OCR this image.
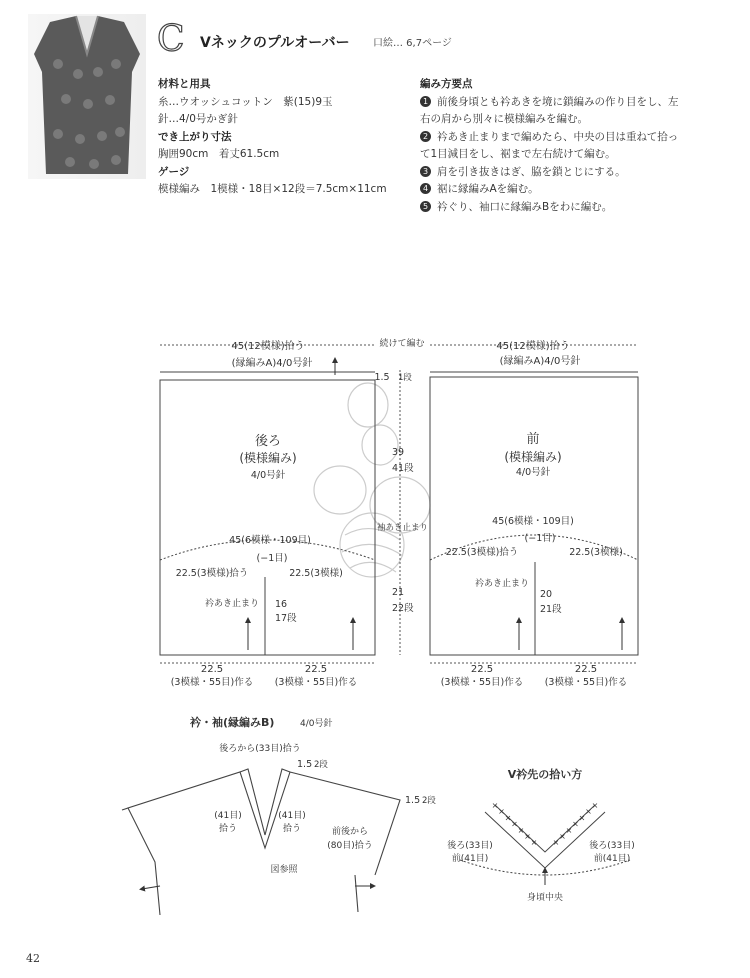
C Vネックのプルオーバー 口絵… 6,7ページ
材料と用具
糸…ウオッシュコットン　紫(15)9玉
針…4/0号かぎ針
でき上がり寸法
胸囲90cm　着丈61.5cm
ゲージ
模様編み　1模様・18目×12段＝7.5cm×11cm
編み方要点
1 前後身頃とも衿あきを境に鎖編みの作り目をし、左
右の肩から別々に模様編みを編む。
2 衿あき止まりまで編めたら、中央の目は重ねて拾っ
て1目減目をし、裾まで左右続けて編む。
3 肩を引き抜きはぎ、脇を鎖とじにする。
4 裾に縁編みAを編む。
5 衿ぐり、袖口に縁編みBをわに編む。
45(12模様)拾う
(縁編みA)4/0号針
後ろ
(模様編み)
4/0号針
45(6模様・109目)
(−1目)
22.5(3模様)拾う	22.5(3模様)
衿あき止まり 16
17段
22.5
(3模様・55目)作る
22.5
(3模様・55目)作る
続けて編む
1.5 1段
39
41段
袖あき止まり
21
22段
45(12模様)拾う
(縁編みA)4/0号針
前
(模様編み)
4/0号針
45(6模様・109目)
(−1目)
22.5(3模様)拾う	22.5(3模様)
衿あき止まり
20
21段
22.5
(3模様・55目)作る
22.5
(3模様・55目)作る
衿・袖(縁編みB)	4/0号針
後ろから(33目)拾う
1.5 2段
(41目)
拾う
(41目)
拾う	前後から
(80目)拾う
1.5 2段
図参照
V衿先の拾い方
後ろ(33目)
前(41目)
後ろ(33目)
前(41目)
身頃中央
×	×
×	×
×	×
×	×
×	×
×	×
× ×
42
